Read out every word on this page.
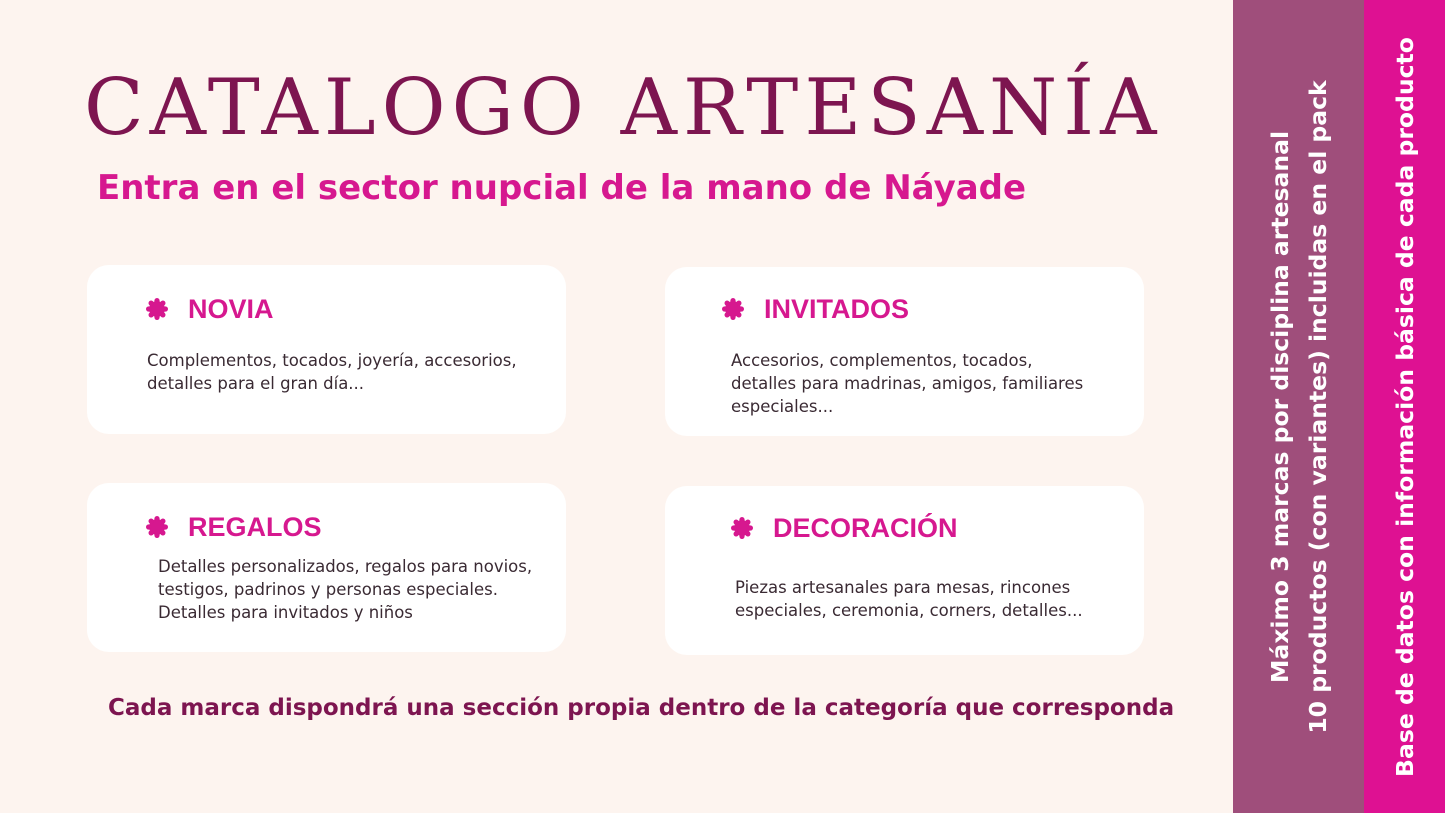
CATALOGO ARTESANÍA
Entra en el sector nupcial de la mano de Náyade
NOVIA
Complementos, tocados, joyería, accesorios, detalles para el gran día...
INVITADOS
Accesorios, complementos, tocados, detalles para madrinas, amigos, familiares especiales...
REGALOS
Detalles personalizados, regalos para novios, testigos, padrinos y personas especiales. Detalles para invitados y niños
DECORACIÓN
Piezas artesanales para mesas, rincones especiales, ceremonia, corners, detalles...

Cada marca dispondrá una sección propia dentro de la categoría que corresponda

Máximo 3 marcas por disciplina artesanal 10 productos (con variantes) incluidas en el pack	Base de datos con información básica de cada producto
